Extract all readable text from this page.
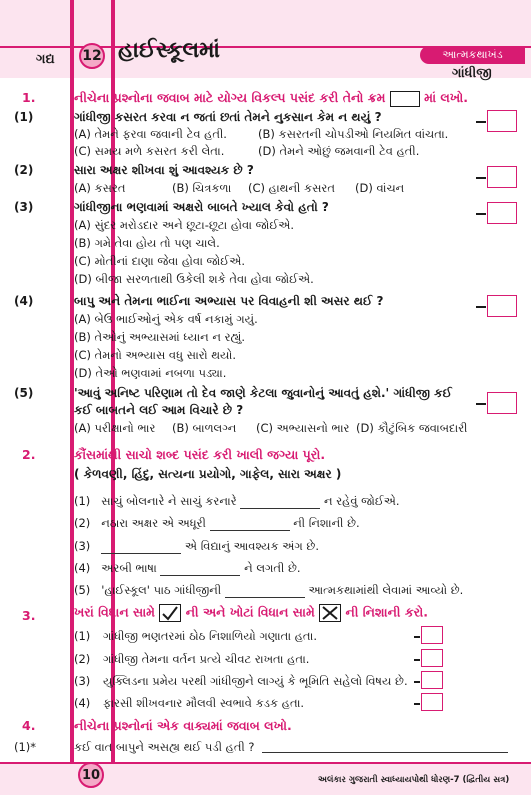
ગદ્ય 12 હાઈસ્કૂલમાં	આત્મકથાખંડ
ગાંધીજી
1.	નીચેના પ્રશ્નોના જવાબ માટે યોગ્ય વિકલ્પ પસંદ કરી તેનો ક્રમ	માં લખો.
(1)	ગાંધીજી કસરત કરવા ન જતાં છતાં તેમને નુકસાન કેમ ન થયું ?
(A) તેમને ફરવા જવાની ટેવ હતી.	(B) કસરતની ચોપડીઓ નિયમિત વાંચતા.
(C) સમય મળે કસરત કરી લેતા.	(D) તેમને ઓછું જમવાની ટેવ હતી.
(2)	સારા અક્ષર શીખવા શું આવશ્યક છે ?
(A) કસરત	(B) ચિત્રકળા (C) હાથની કસરત (D) વાંચન
(3)	ગાંધીજીના ભણવામાં અક્ષરો બાબતે ખ્યાલ કેવો હતો ?
(A) સુંદર મરોડદાર અને છૂટા-છૂટા હોવા જોઈએ.
(B) ગમે તેવા હોય તો પણ ચાલે.
(C) મોતીનાં દાણા જેવા હોવા જોઈએ.
(D) બીજા સરળતાથી ઉકેલી શકે તેવા હોવા જોઈએ.
(4)	બાપુ અને તેમના ભાઈના અભ્યાસ પર વિવાહની શી અસર થઈ ?
(A) બેઉ ભાઈઓનું એક વર્ષ નકામું ગયું.
(B) તેઓનું અભ્યાસમાં ધ્યાન ન રહ્યું.
(C) તેમનો અભ્યાસ વધુ સારો થયો.
(D) તેઓ ભણવામાં નબળા પડ્યા.
(5)	'આવું અનિષ્ટ પરિણામ તો દેવ જાણે કેટલા જુવાનોનું આવતું હશે.' ગાંધીજી કઈ
કઈ બાબતને લઈ આમ વિચારે છે ?
(A) પરીક્ષાનો ભાર (B) બાળલગ્ન (C) અભ્યાસનો ભાર (D) કૌટુંબિક જવાબદારી
2.	કૌંસમાંથી સાચો શબ્દ પસંદ કરી ખાલી જગ્યા પૂરો.
( કેળવણી, હિંદુ, સત્યના પ્રયોગો, ગાફેલ, સારા અક્ષર )
(1) સાચું બોલનારે ને સાચું કરનારે	ન રહેવું જોઈએ.
(2) નઠારા અક્ષર એ અધૂરી	ની નિશાની છે.
(3)	એ વિદ્યાનું આવશ્યક અંગ છે.
(4) અરબી ભાષા	ને લગતી છે.
(5) 'હાઈસ્કૂલ' પાઠ ગાંધીજીની	આત્મકથામાંથી લેવામાં આવ્યો છે.
3.	ખરાં વિધાન સામે ની અને ખોટાં વિધાન સામે ☒ ની નિશાની કરો.
(1) ગાંધીજી ભણતરમાં ઠોઠ નિશાળિયો ગણાતા હતા.
(2) ગાંધીજી તેમના વર્તન પ્રત્યે ચીવટ રાખતા હતા.
(3) યુક્લિડના પ્રમેય પરથી ગાંધીજીને લાગ્યું કે ભૂમિતિ સહેલો વિષય છે.
(4) ફારસી શીખવનાર મૌલવી સ્વભાવે કડક હતા.
4.	નીચેના પ્રશ્નોનાં એક વાક્યમાં જવાબ લખો.
(1)*	કઈ વાત બાપુને અસહ્ય થઈ પડી હતી ?
10	અલંકાર ગુજરાતી સ્વાધ્યાયપોથી ધોરણ-7 (દ્વિતીય સત્ર)
